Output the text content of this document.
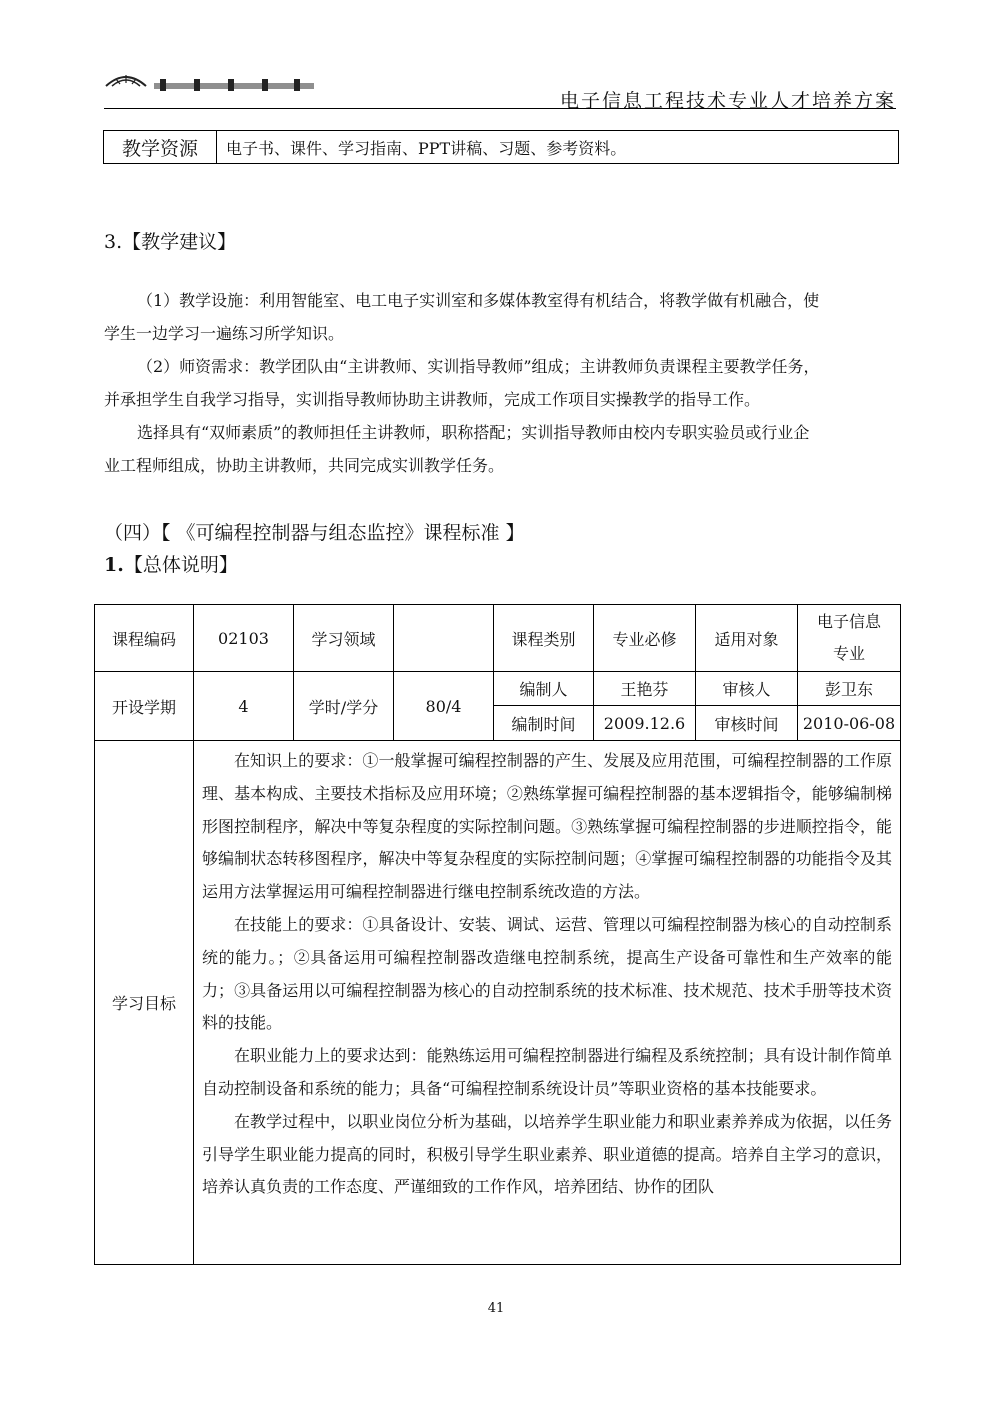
电子信息工程技术专业人才培养方案
教学资源	电子书、课件、学习指南、PPT讲稿、习题、参考资料。
3.【教学建议】
（1）教学设施：利用智能室、电工电子实训室和多媒体教室得有机结合，将教学做有机融合，使
学生一边学习一遍练习所学知识。
（2）师资需求：教学团队由“主讲教师、实训指导教师”组成；主讲教师负责课程主要教学任务，
并承担学生自我学习指导，实训指导教师协助主讲教师，完成工作项目实操教学的指导工作。
选择具有“双师素质”的教师担任主讲教师，职称搭配；实训指导教师由校内专职实验员或行业企
业工程师组成，协助主讲教师，共同完成实训教学任务。
（四）【 《可编程控制器与组态监控》课程标准 】
1.【总体说明】
课程编码	02103	学习领域		课程类别	专业必修	适用对象	电子信息
专业

开设学期	4	学时/学分	80/4	编制人	王艳芬	审核人	彭卫东
				编制时间	2009.12.6	审核时间	2010-06-08
学习目标	在知识上的要求：①一般掌握可编程控制器的产生、发展及应用范围，可编程控制器的工作原理、基本构成、主要技术指标及应用环境；②熟练掌握可编程控制器的基本逻辑指令，能够编制梯形图控制程序，解决中等复杂程度的实际控制问题。③熟练掌握可编程控制器的步进顺控指令，能够编制状态转移图程序，解决中等复杂程度的实际控制问题；④掌握可编程控制器的功能指令及其运用方法掌握运用可编程控制器进行继电控制系统改造的方法。

在技能上的要求：①具备设计、安装、调试、运营、管理以可编程控制器为核心的自动控制系统的能力。；②具备运用可编程控制器改造继电控制系统，提高生产设备可靠性和生产效率的能力；③具备运用以可编程控制器为核心的自动控制系统的技术标准、技术规范、技术手册等技术资料的技能。

在职业能力上的要求达到：能熟练运用可编程控制器进行编程及系统控制；具有设计制作简单自动控制设备和系统的能力；具备“可编程控制系统设计员”等职业资格的基本技能要求。

在教学过程中，以职业岗位分析为基础，以培养学生职业能力和职业素养养成为依据，以任务引导学生职业能力提高的同时，积极引导学生职业素养、职业道德的提高。培养自主学习的意识，培养认真负责的工作态度、严谨细致的工作作风，培养团结、协作的团队						

41
